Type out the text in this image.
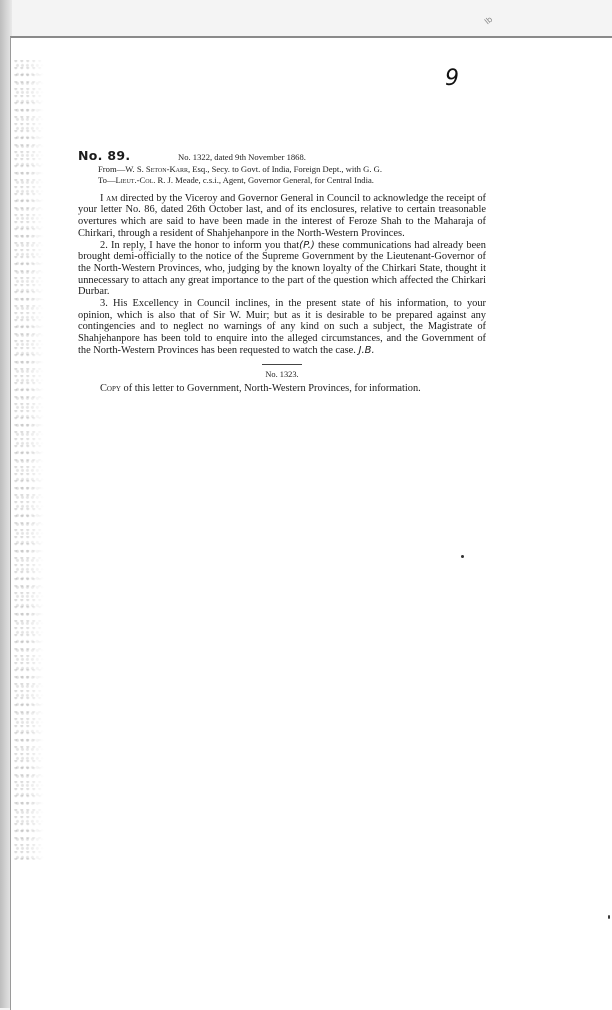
lb
9
No. 89.	No. 1322, dated 9th November 1868.
From—W. S. Seton-Karr, Esq., Secy. to Govt. of India, Foreign Dept., with G. G.
To—Lieut.-Col. R. J. Meade, c.s.i., Agent, Governor General, for Central India.

I am directed by the Viceroy and Governor General in Council to acknowledge the receipt of your letter No. 86, dated 26th October last, and of its enclosures, relative to certain treasonable overtures which are said to have been made in the interest of Feroze Shah to the Maharaja of Chirkari, through a resident of Shahjehanpore in the North-Western Provinces.

2. In reply, I have the honor to inform you that(P.) these communications had already been brought demi-officially to the notice of the Supreme Government by the Lieutenant-Governor of the North-Western Provinces, who, judging by the known loyalty of the Chirkari State, thought it unnecessary to attach any great importance to the part of the question which affected the Chirkari Durbar.

3. His Excellency in Council inclines, in the present state of his information, to your opinion, which is also that of Sir W. Muir; but as it is desirable to be prepared against any contingencies and to neglect no warnings of any kind on such a subject, the Magistrate of Shahjehanpore has been told to enquire into the alleged circumstances, and the Government of the North-Western Provinces has been requested to watch the case. J.B.

No. 1323.

Copy of this letter to Government, North-Western Provinces, for information.
